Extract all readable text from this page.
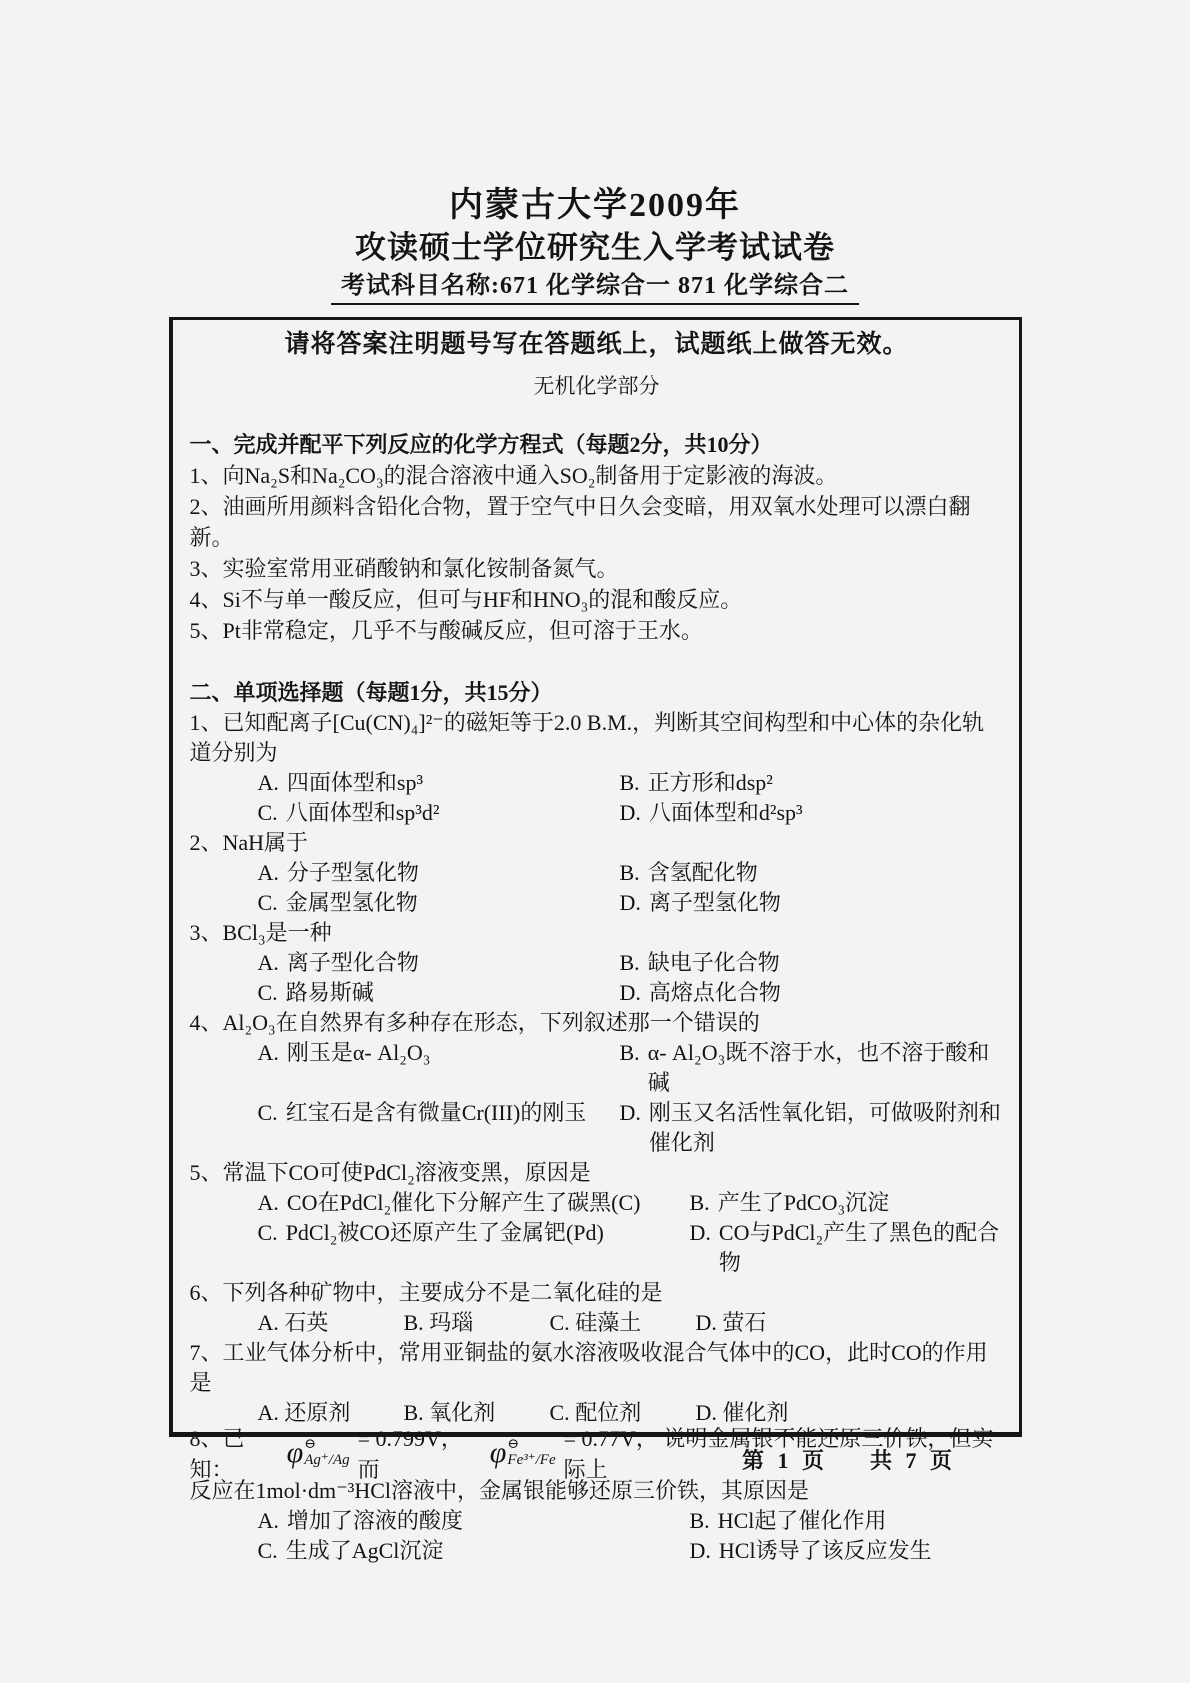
内蒙古大学2009年
攻读硕士学位研究生入学考试试卷
考试科目名称:671 化学综合一 871 化学综合二
请将答案注明题号写在答题纸上，试题纸上做答无效。
无机化学部分
一、完成并配平下列反应的化学方程式（每题2分，共10分）
1、向Na₂S和Na₂CO₃的混合溶液中通入SO₂制备用于定影液的海波。
2、油画所用颜料含铅化合物，置于空气中日久会变暗，用双氧水处理可以漂白翻新。
3、实验室常用亚硝酸钠和氯化铵制备氮气。
4、Si不与单一酸反应，但可与HF和HNO₃的混和酸反应。
5、Pt非常稳定，几乎不与酸碱反应，但可溶于王水。
二、单项选择题（每题1分，共15分）
1、已知配离子[Cu(CN)₄]²⁻的磁矩等于2.0 B.M.，判断其空间构型和中心体的杂化轨道分别为
A. 四面体型和sp³	B. 正方形和dsp²
C. 八面体型和sp³d²	D. 八面体型和d²sp³
2、NaH属于
A. 分子型氢化物	B. 含氢配化物
C. 金属型氢化物	D. 离子型氢化物
3、BCl₃是一种
A. 离子型化合物	B. 缺电子化合物
C. 路易斯碱	D. 高熔点化合物
4、Al₂O₃在自然界有多种存在形态，下列叙述那一个错误的
A. 刚玉是α- Al₂O₃	B. α- Al₂O₃既不溶于水，也不溶于酸和碱
C. 红宝石是含有微量Cr(III)的刚玉	D. 刚玉又名活性氧化铝，可做吸附剂和催化剂
5、常温下CO可使PdCl₂溶液变黑，原因是
A. CO在PdCl₂催化下分解产生了碳黑(C)	B. 产生了PdCO₃沉淀
C. PdCl₂被CO还原产生了金属钯(Pd)	D. CO与PdCl₂产生了黑色的配合物
6、下列各种矿物中，主要成分不是二氧化硅的是
A. 石英	B. 玛瑙	C. 硅藻土	D. 萤石
7、工业气体分析中，常用亚铜盐的氨水溶液吸收混合气体中的CO，此时CO的作用是
A. 还原剂	B. 氧化剂	C. 配位剂	D. 催化剂
8、已知：
φ ⊖
Ag⁺/Ag
= 0.799V， 而
φ ⊖
Fe³⁺/Fe
= 0.77V， 说明金属银不能还原三价铁，但实际上
反应在1mol·dm⁻³HCl溶液中，金属银能够还原三价铁，其原因是
A. 增加了溶液的酸度	B. HCl起了催化作用
C. 生成了AgCl沉淀	D. HCl诱导了该反应发生
第 1 页 共 7 页
